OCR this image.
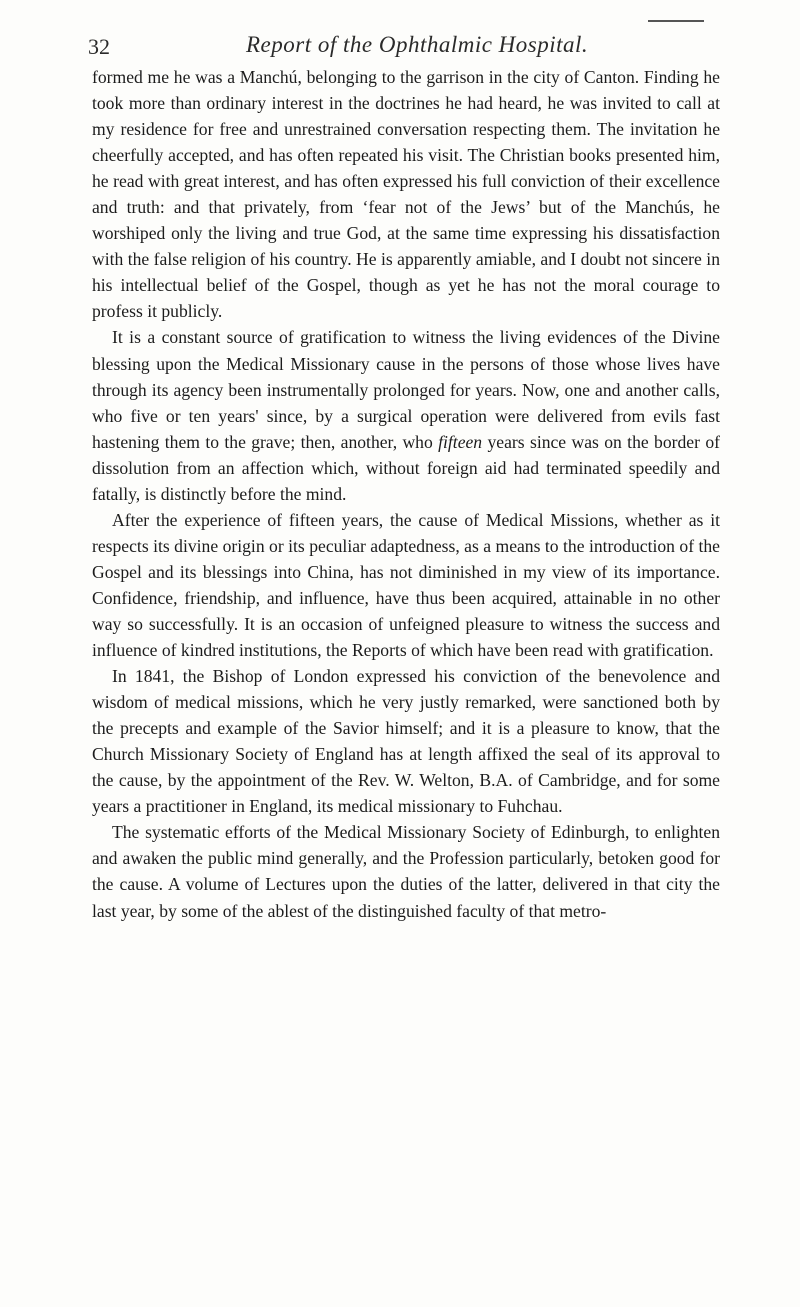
32	Report of the Ophthalmic Hospital.

formed me he was a Manchú, belonging to the garrison in the city of Canton. Finding he took more than ordinary interest in the doctrines he had heard, he was invited to call at my residence for free and unrestrained conversation respecting them. The invitation he cheerfully accepted, and has often repeated his visit. The Christian books presented him, he read with great interest, and has often expressed his full conviction of their excellence and truth: and that privately, from ‘fear not of the Jews’ but of the Manchús, he worshiped only the living and true God, at the same time expressing his dissatisfaction with the false religion of his country. He is apparently amiable, and I doubt not sincere in his intellectual belief of the Gospel, though as yet he has not the moral courage to profess it publicly.

It is a constant source of gratification to witness the living evidences of the Divine blessing upon the Medical Missionary cause in the persons of those whose lives have through its agency been instrumentally prolonged for years. Now, one and another calls, who five or ten years' since, by a surgical operation were delivered from evils fast hastening them to the grave; then, another, who fifteen years since was on the border of dissolution from an affection which, without foreign aid had terminated speedily and fatally, is distinctly before the mind.

After the experience of fifteen years, the cause of Medical Missions, whether as it respects its divine origin or its peculiar adaptedness, as a means to the introduction of the Gospel and its blessings into China, has not diminished in my view of its importance. Confidence, friendship, and influence, have thus been acquired, attainable in no other way so successfully. It is an occasion of unfeigned pleasure to witness the success and influence of kindred institutions, the Reports of which have been read with gratification.

In 1841, the Bishop of London expressed his conviction of the benevolence and wisdom of medical missions, which he very justly remarked, were sanctioned both by the precepts and example of the Savior himself; and it is a pleasure to know, that the Church Missionary Society of England has at length affixed the seal of its approval to the cause, by the appointment of the Rev. W. Welton, B.A. of Cambridge, and for some years a practitioner in England, its medical missionary to Fuhchau.

The systematic efforts of the Medical Missionary Society of Edinburgh, to enlighten and awaken the public mind generally, and the Profession particularly, betoken good for the cause. A volume of Lectures upon the duties of the latter, delivered in that city the last year, by some of the ablest of the distinguished faculty of that metro-
